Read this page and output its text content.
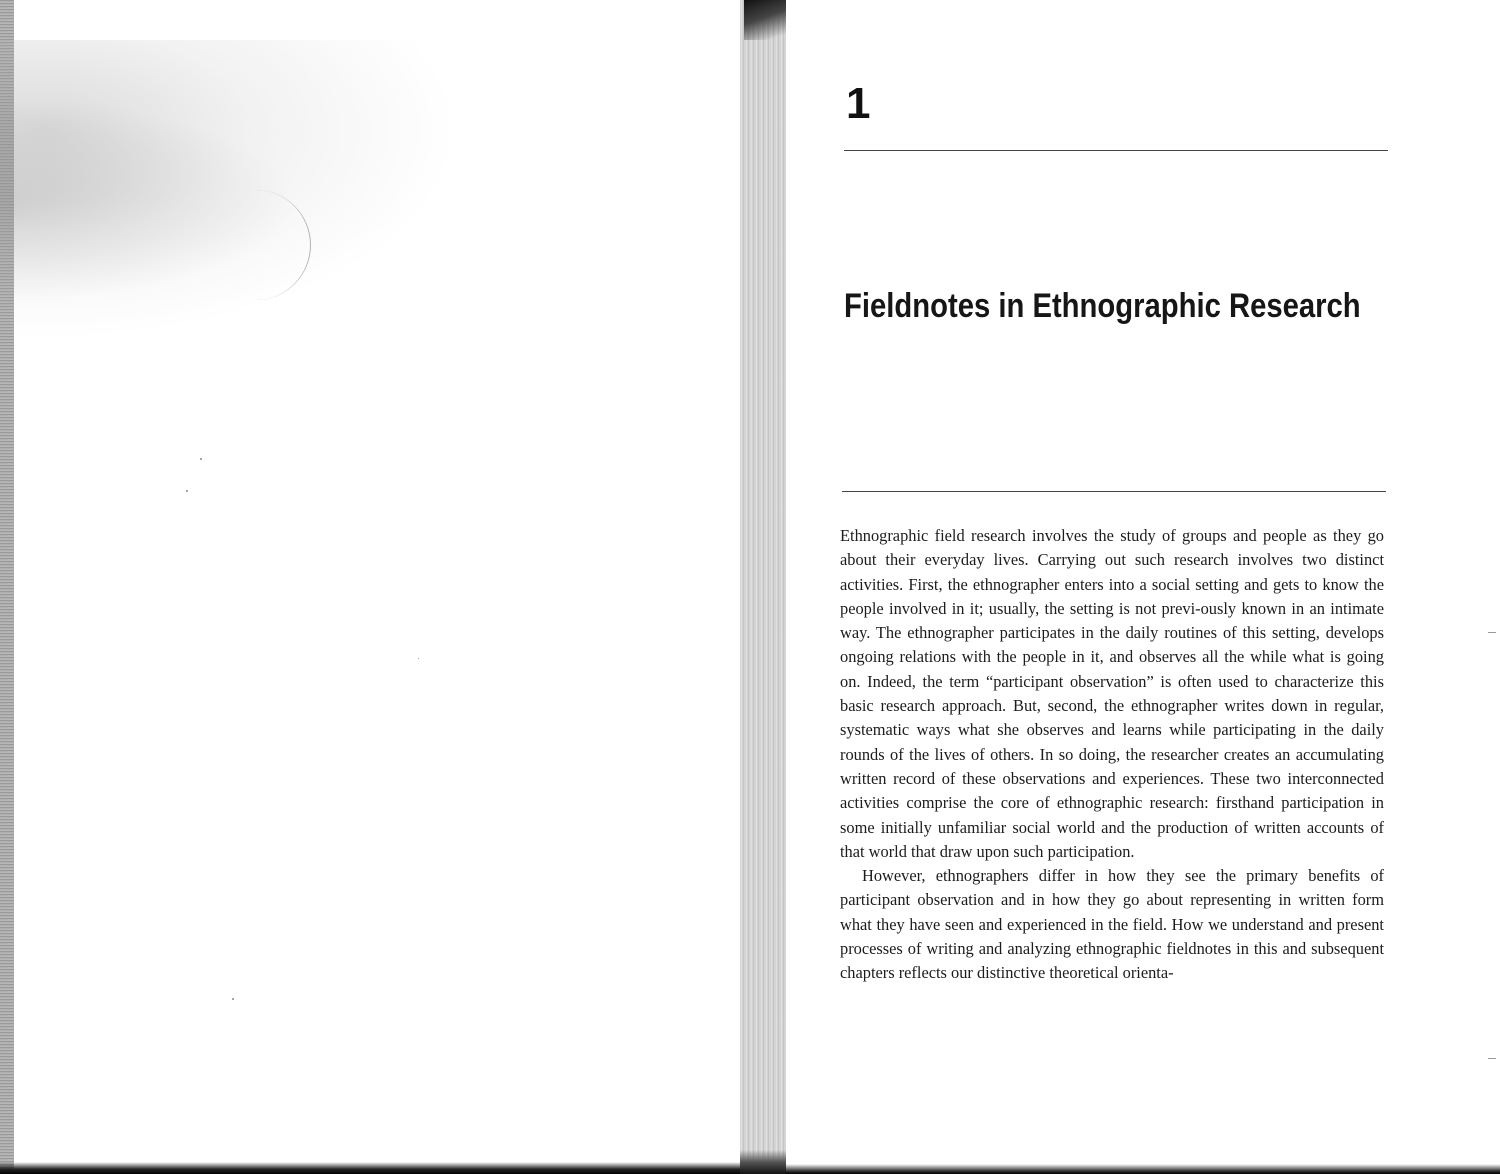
1
Fieldnotes in Ethnographic Research

Ethnographic field research involves the study of groups and people as they go about their everyday lives. Carrying out such research involves two distinct activities. First, the ethnographer enters into a social setting and gets to know the people involved in it; usually, the setting is not previ-ously known in an intimate way. The ethnographer participates in the daily routines of this setting, develops ongoing relations with the people in it, and observes all the while what is going on. Indeed, the term “participant observation” is often used to characterize this basic research approach. But, second, the ethnographer writes down in regular, systematic ways what she observes and learns while participating in the daily rounds of the lives of others. In so doing, the researcher creates an accumulating written record of these observations and experiences. These two interconnected activities comprise the core of ethnographic research: firsthand participation in some initially unfamiliar social world and the production of written accounts of that world that draw upon such participation.

However, ethnographers differ in how they see the primary benefits of participant observation and in how they go about representing in written form what they have seen and experienced in the field. How we understand and present processes of writing and analyzing ethnographic fieldnotes in this and subsequent chapters reflects our distinctive theoretical orienta-
